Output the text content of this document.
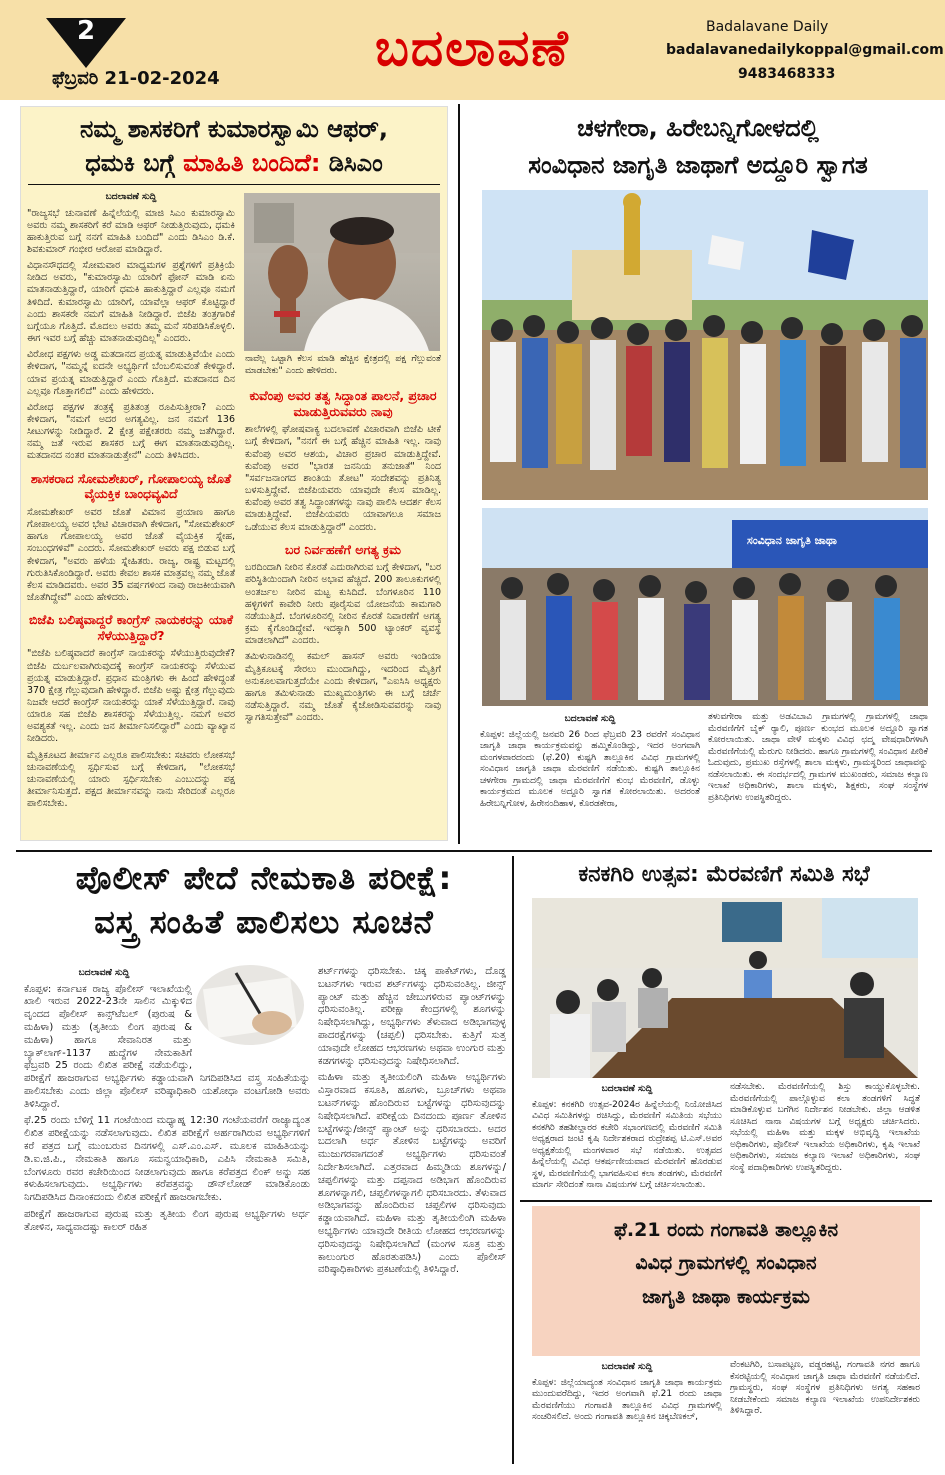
2
ಫೆಬ್ರವರಿ 21-02-2024
ಬದಲಾವಣೆ	Badalavane Daily
badalavanedailykoppal@gmail.com
9483468333
ನಮ್ಮ ಶಾಸಕರಿಗೆ ಕುಮಾರಸ್ವಾಮಿ ಆಫರ್,
ಧಮಕಿ ಬಗ್ಗೆ ಮಾಹಿತಿ ಬಂದಿದೆ: ಡಿಸಿಎಂ
ಬದಲಾವಣೆ ಸುದ್ದಿ

"ರಾಜ್ಯಸಭೆ ಚುನಾವಣೆ ಹಿನ್ನೆಲೆಯಲ್ಲಿ ಮಾಜಿ ಸಿಎಂ ಕುಮಾರಸ್ವಾಮಿ ಅವರು ನಮ್ಮ ಶಾಸಕರಿಗೆ ಕರೆ ಮಾಡಿ ಆಫರ್ ನೀಡುತ್ತಿರುವುದು, ಧಮಕಿ ಹಾಕುತ್ತಿರುವ ಬಗ್ಗೆ ನನಗೆ ಮಾಹಿತಿ ಬಂದಿದೆ" ಎಂದು ಡಿಸಿಎಂ ಡಿ.ಕೆ. ಶಿವಕುಮಾರ್ ಗಂಭೀರ ಆರೋಪ ಮಾಡಿದ್ದಾರೆ.

ವಿಧಾನಸೌಧದಲ್ಲಿ ಸೋಮವಾರ ಮಾಧ್ಯಮಗಳ ಪ್ರಶ್ನೆಗಳಿಗೆ ಪ್ರತಿಕ್ರಿಯೆ ನೀಡಿದ ಅವರು, "ಕುಮಾರಸ್ವಾಮಿ ಯಾರಿಗೆ ಫೋನ್ ಮಾಡಿ ಏನು ಮಾತನಾಡುತ್ತಿದ್ದಾರೆ, ಯಾರಿಗೆ ಧಮಕಿ ಹಾಕುತ್ತಿದ್ದಾರೆ ಎಲ್ಲವೂ ನಮಗೆ ತಿಳಿದಿದೆ. ಕುಮಾರಸ್ವಾಮಿ ಯಾರಿಗೆ, ಯಾವೆಲ್ಲಾ ಆಫರ್ ಕೊಟ್ಟಿದ್ದಾರೆ ಎಂದು ಶಾಸಕರೇ ನಮಗೆ ಮಾಹಿತಿ ನೀಡಿದ್ದಾರೆ. ಬಿಜೆಪಿ ತಂತ್ರಗಾರಿಕೆ ಬಗ್ಗೆಯೂ ಗೊತ್ತಿದೆ. ಮೊದಲು ಅವರು ತಮ್ಮ ಮನೆ ಸರಿಪಡಿಸಿಕೊಳ್ಳಲಿ. ಈಗ ಇವರ ಬಗ್ಗೆ ಹೆಚ್ಚು ಮಾತನಾಡುವುದಿಲ್ಲ" ಎಂದರು.

ವಿರೋಧ ಪಕ್ಷಗಳು ಅಡ್ಡ ಮತದಾನದ ಪ್ರಯತ್ನ ಮಾಡುತ್ತಿವೆಯೇ ಎಂದು ಕೇಳಿದಾಗ, "ನಮ್ಮನ್ನೆ ಐದನೇ ಅಭ್ಯರ್ಥಿಗೆ ಬೆಂಬಲಿಸುವಂತೆ ಕೇಳಿದ್ದಾರೆ. ಯಾವ ಪ್ರಯತ್ನ ಮಾಡುತ್ತಿದ್ದಾರೆ ಎಂದು ಗೊತ್ತಿದೆ. ಮತದಾನದ ದಿನ ಎಲ್ಲವೂ ಗೊತ್ತಾಗಲಿದೆ" ಎಂದು ಹೇಳಿದರು.

ವಿರೋಧ ಪಕ್ಷಗಳ ತಂತ್ರಕ್ಕೆ ಪ್ರತಿತಂತ್ರ ರೂಪಿಸುತ್ತೀರಾ? ಎಂದು ಕೇಳಿದಾಗ, "ನಮಗೆ ಅದರ ಅಗತ್ಯವಿಲ್ಲ. ಜನ ನಮಗೆ 136 ಸೀಟುಗಳನ್ನು ನೀಡಿದ್ದಾರೆ. 2 ಕ್ಷೇತ್ರ ಪಕ್ಷೇತರರು ನಮ್ಮ ಜತೆಗಿದ್ದಾರೆ. ನಮ್ಮ ಜತೆ ಇರುವ ಶಾಸಕರ ಬಗ್ಗೆ ಈಗ ಮಾತನಾಡುವುದಿಲ್ಲ. ಮತದಾನದ ನಂತರ ಮಾತನಾಡುತ್ತೇನೆ" ಎಂದು ತಿಳಿಸಿದರು.

ಶಾಸಕರಾದ ಸೋಮಶೇಖರ್, ಗೋಪಾಲಯ್ಯ ಜೊತೆ ವೈಯಕ್ತಿಕ ಬಾಂಧವ್ಯವಿದೆ

ಸೋಮಶೇಖರ್ ಅವರ ಜೊತೆ ವಿಮಾನ ಪ್ರಯಾಣ ಹಾಗೂ ಗೋಪಾಲಯ್ಯ ಅವರ ಭೇಟಿ ವಿಚಾರವಾಗಿ ಕೇಳಿದಾಗ, "ಸೋಮಶೇಖರ್ ಹಾಗೂ ಗೋಪಾಲಯ್ಯ ಅವರ ಜೊತೆ ವೈಯಕ್ತಿಕ ಸ್ನೇಹ, ಸಂಬಂಧಗಳಿವೆ" ಎಂದರು. ಸೋಮಶೇಖರ್ ಅವರು ಪಕ್ಷ ಬಿಡುವ ಬಗ್ಗೆ ಕೇಳಿದಾಗ, "ಅವರು ಹಳೆಯ ಸ್ನೇಹಿತರು. ರಾಜ್ಯ, ರಾಷ್ಟ್ರ ಮಟ್ಟದಲ್ಲಿ ಗುರುತಿಸಿಕೊಂಡಿದ್ದಾರೆ. ಅವರು ಕೇವಲ ಶಾಸಕ ಮಾತ್ರವಲ್ಲ ನಮ್ಮ ಜೊತೆ ಕೆಲಸ ಮಾಡಿದವರು. ಅವರ 35 ವರ್ಷಗಳಿಂದ ನಾವು ರಾಜಕೀಯವಾಗಿ ಜೊತೆಗಿದ್ದೇವೆ" ಎಂದು ಹೇಳಿದರು.

ಬಿಜೆಪಿ ಬಲಿಷ್ಠವಾದ್ದರೆ ಕಾಂಗ್ರೆಸ್ ನಾಯಕರನ್ನು ಯಾಕೆ ಸೆಳೆಯುತ್ತಿದ್ದಾರೆ?

"ಬಿಜೆಪಿ ಬಲಿಷ್ಠವಾದರೆ ಕಾಂಗ್ರೆಸ್ ನಾಯಕರನ್ನು ಸೆಳೆಯುತ್ತಿರುವುದೇಕೆ? ಬಿಜೆಪಿ ದುರ್ಬಲವಾಗಿರುವುದಕ್ಕೆ ಕಾಂಗ್ರೆಸ್ ನಾಯಕರನ್ನು ಸೆಳೆಯುವ ಪ್ರಯತ್ನ ಮಾಡುತ್ತಿದ್ದಾರೆ. ಪ್ರಧಾನ ಮಂತ್ರಿಗಳು ಈ ಹಿಂದೆ ಹೇಳಿದ್ದಂತೆ 370 ಕ್ಷೇತ್ರ ಗೆಲ್ಲುವುದಾಗಿ ಹೇಳಿದ್ದಾರೆ. ಬಿಜೆಪಿ ಅಷ್ಟು ಕ್ಷೇತ್ರ ಗೆಲ್ಲುವುದು ನಿಜವೇ ಆದರೆ ಕಾಂಗ್ರೆಸ್ ನಾಯಕರನ್ನು ಯಾಕೆ ಸೆಳೆಯುತ್ತಿದ್ದಾರೆ. ನಾವು ಯಾರೂ ಸಹ ಬಿಜೆಪಿ ಶಾಸಕರನ್ನು ಸೆಳೆಯುತ್ತಿಲ್ಲ. ನಮಗೆ ಅವರ ಅವಶ್ಯಕತೆ ಇಲ್ಲ. ಎಂದು ಜನ ತೀರ್ಮಾನಿಸಲಿದ್ದಾರೆ" ಎಂದು ವ್ಯಾಖ್ಯಾನ ನೀಡಿದರು.

ಮೈತ್ರಿಕೂಟದ ತೀರ್ಮಾನ ಎಲ್ಲರೂ ಪಾಲಿಸಬೇಕು: ಸಚಿವರು ಲೋಕಸಭೆ ಚುನಾವಣೆಯಲ್ಲಿ ಸ್ಪರ್ಧಿಸುವ ಬಗ್ಗೆ ಕೇಳಿದಾಗ, "ಲೋಕಸಭೆ ಚುನಾವಣೆಯಲ್ಲಿ ಯಾರು ಸ್ಪರ್ಧಿಸಬೇಕು ಎಂಬುದನ್ನು ಪಕ್ಷ ತೀರ್ಮಾನಿಸುತ್ತದೆ. ಪಕ್ಷದ ತೀರ್ಮಾನವನ್ನು ನಾನು ಸೇರಿದಂತೆ ಎಲ್ಲರೂ ಪಾಲಿಸಬೇಕು.

ನಾವೆಲ್ಲ ಒಟ್ಟಾಗಿ ಕೆಲಸ ಮಾಡಿ ಹೆಚ್ಚಿನ ಕ್ಷೇತ್ರದಲ್ಲಿ ಪಕ್ಷ ಗೆಲ್ಲುವಂತೆ ಮಾಡಬೇಕು" ಎಂದು ಹೇಳಿದರು.
ಕುವೆಂಪು ಅವರ ತತ್ವ ಸಿದ್ಧಾಂತ ಪಾಲನೆ, ಪ್ರಚಾರ ಮಾಡುತ್ತಿರುವವರು ನಾವು

ಶಾಲೆಗಳಲ್ಲಿ ಘೋಷವಾಕ್ಯ ಬದಲಾವಣೆ ವಿಚಾರವಾಗಿ ಬಿಜೆಪಿ ಟೀಕೆ ಬಗ್ಗೆ ಕೇಳಿದಾಗ, "ನನಗೆ ಈ ಬಗ್ಗೆ ಹೆಚ್ಚಿನ ಮಾಹಿತಿ ಇಲ್ಲ. ನಾವು ಕುವೆಂಪು ಅವರ ಆಶಯ, ವಿಚಾರ ಪ್ರಚಾರ ಮಾಡುತ್ತಿದ್ದೇವೆ. ಕುವೆಂಪು ಅವರ "ಭಾರತ ಜನನಿಯ ತನುಜಾತೆ" ನಿಂದ "ಸರ್ವಜನಾಂಗದ ಶಾಂತಿಯ ತೋಟ" ಸಂದೇಶವನ್ನು ಪ್ರತಿನಿತ್ಯ ಬಳಸುತ್ತಿದ್ದೇವೆ. ಬಿಜೆಪಿಯವರು ಯಾವುದೇ ಕೆಲಸ ಮಾಡಿಲ್ಲ. ಕುವೆಂಪು ಅವರ ತತ್ವ ಸಿದ್ಧಾಂತಗಳನ್ನು ನಾವು ಪಾಲಿಸಿ ಆದರ್ಶ ಕೆಲಸ ಮಾಡುತ್ತಿದ್ದೇವೆ. ಬಿಜೆಪಿಯವರು ಯಾವಾಗಲೂ ಸಮಾಜ ಒಡೆಯುವ ಕೆಲಸ ಮಾಡುತ್ತಿದ್ದಾರೆ" ಎಂದರು.

ಬರ ನಿರ್ವಹಣೆಗೆ ಅಗತ್ಯ ಕ್ರಮ

ಬರದಿಂದಾಗಿ ನೀರಿನ ಕೊರತೆ ಎದುರಾಗಿರುವ ಬಗ್ಗೆ ಕೇಳಿದಾಗ, "ಬರ ಪರಿಸ್ಥಿತಿಯಿಂದಾಗಿ ನೀರಿನ ಅಭಾವ ಹೆಚ್ಚಿದೆ. 200 ತಾಲೂಕುಗಳಲ್ಲಿ ಅಂತರ್ಜಲ ನೀರಿನ ಮಟ್ಟ ಕುಸಿದಿದೆ. ಬೆಂಗಳೂರಿನ 110 ಹಳ್ಳಿಗಳಿಗೆ ಕಾವೇರಿ ನೀರು ಪೂರೈಸುವ ಯೋಜನೆಯ ಕಾಮಗಾರಿ ನಡೆಯುತ್ತಿದೆ. ಬೆಂಗಳೂರಿನಲ್ಲಿ ನೀರಿನ ಕೊರತೆ ನಿವಾರಣೆಗೆ ಅಗತ್ಯ ಕ್ರಮ ಕೈಗೊಂಡಿದ್ದೇವೆ. ಇದಕ್ಕಾಗಿ 500 ಟ್ಯಾಂಕರ್ ವ್ಯವಸ್ಥೆ ಮಾಡಲಾಗಿದೆ" ಎಂದರು.

ತಮಿಳುನಾಡಿನಲ್ಲಿ ಕಮಲ್ ಹಾಸನ್ ಅವರು ಇಂಡಿಯಾ ಮೈತ್ರಿಕೂಟಕ್ಕೆ ಸೇರಲು ಮುಂದಾಗಿದ್ದು, ಇದರಿಂದ ಮೈತ್ರಿಗೆ ಅನುಕೂಲವಾಗುತ್ತದೆಯೇ ಎಂದು ಕೇಳಿದಾಗ, "ಎಐಸಿಸಿ ಅಧ್ಯಕ್ಷರು ಹಾಗೂ ತಮಿಳುನಾಡು ಮುಖ್ಯಮಂತ್ರಿಗಳು ಈ ಬಗ್ಗೆ ಚರ್ಚೆ ನಡೆಸುತ್ತಿದ್ದಾರೆ. ನಮ್ಮ ಜೊತೆ ಕೈಜೋಡಿಸುವವರನ್ನು ನಾವು ಸ್ವಾಗತಿಸುತ್ತೇವೆ" ಎಂದರು.

ಚಳಗೇರಾ, ಹಿರೇಬನ್ನಿಗೋಳದಲ್ಲಿ
ಸಂವಿಧಾನ ಜಾಗೃತಿ ಜಾಥಾಗೆ ಅದ್ದೂರಿ ಸ್ವಾಗತ
ಸಂವಿಧಾನ ಜಾಗೃತಿ ಜಾಥಾ
ಬದಲಾವಣೆ ಸುದ್ದಿ

ಕೊಪ್ಪಳ: ಜಿಲ್ಲೆಯಲ್ಲಿ ಜನವರಿ 26 ರಿಂದ ಫೆಬ್ರವರಿ 23 ರವರೆಗೆ ಸಂವಿಧಾನ ಜಾಗೃತಿ ಜಾಥಾ ಕಾರ್ಯಕ್ರಮವನ್ನು ಹಮ್ಮಿಕೊಂಡಿದ್ದು, ಇದರ ಅಂಗವಾಗಿ ಮಂಗಳವಾರದಂದು (ಫೆ.20) ಕುಷ್ಟಗಿ ತಾಲ್ಲೂಕಿನ ವಿವಿಧ ಗ್ರಾಮಗಳಲ್ಲಿ ಸಂವಿಧಾನ ಜಾಗೃತಿ ಜಾಥಾ ಮೆರವಣಿಗೆ ನಡೆಯಿತು. ಕುಷ್ಟಗಿ ತಾಲ್ಲೂಕಿನ ಚಳಗೇರಾ ಗ್ರಾಮದಲ್ಲಿ ಜಾಥಾ ಮೆರವಣಿಗೆಗೆ ಕುಂಭ ಮೆರವಣಿಗೆ, ಡೊಳ್ಳು ಕಾರ್ಯಕ್ರಮದ ಮೂಲಕ ಅದ್ದೂರಿ ಸ್ವಾಗತ ಕೋರಲಾಯಿತು. ಅದರಂತೆ ಹಿರೇಬನ್ನಿಗೋಳ, ಹಿರೇನಂದಿಹಾಳ, ಕೊರಡಕೇರಾ,

ತಳುವಗೇರಾ ಮತ್ತು ಅಡವಿಬಾವಿ ಗ್ರಾಮಗಳಲ್ಲಿ ಗ್ರಾಮಗಳಲ್ಲಿ ಜಾಥಾ ಮೆರವಣಿಗೆಗೆ ಬೈಕ್ ರ‍್ಯಾಲಿ, ಪೂರ್ಣ ಕುಂಭದ ಮೂಲಕ ಅದ್ದೂರಿ ಸ್ವಾಗತ ಕೋರಲಾಯಿತು. ಜಾಥಾ ವೇಳೆ ಮಕ್ಕಳು ವಿವಿಧ ಛದ್ಮ ವೇಷಧಾರಿಗಳಾಗಿ ಮೆರವಣಿಗೆಯಲ್ಲಿ ಮೆರುಗು ನೀಡಿದರು. ಹಾಗೂ ಗ್ರಾಮಗಳಲ್ಲಿ ಸಂವಿಧಾನ ಪೀಠಿಕೆ ಓದುವುದು, ಪ್ರಮುಖ ರಸ್ತೆಗಳಲ್ಲಿ ಶಾಲಾ ಮಕ್ಕಳು, ಗ್ರಾಮಸ್ಥರಿಂದ ಜಾಥಾವನ್ನು ನಡೆಸಲಾಯಿತು. ಈ ಸಂದರ್ಭದಲ್ಲಿ ಗ್ರಾಮಗಳ ಮುಖಂಡರು, ಸಮಾಜ ಕಲ್ಯಾಣ ಇಲಾಖೆ ಅಧಿಕಾರಿಗಳು, ಶಾಲಾ ಮಕ್ಕಳು, ಶಿಕ್ಷಕರು, ಸಂಘ ಸಂಸ್ಥೆಗಳ ಪ್ರತಿನಿಧಿಗಳು ಉಪಸ್ಥಿತರಿದ್ದರು.

ಪೊಲೀಸ್ ಪೇದೆ ನೇಮಕಾತಿ ಪರೀಕ್ಷೆ:
ವಸ್ತ್ರ ಸಂಹಿತೆ ಪಾಲಿಸಲು ಸೂಚನೆ
ಬದಲಾವಣೆ ಸುದ್ದಿ

ಕೊಪ್ಪಳ: ಕರ್ನಾಟಕ ರಾಜ್ಯ ಪೊಲೀಸ್ ಇಲಾಖೆಯಲ್ಲಿ ಖಾಲಿ ಇರುವ 2022-23ನೇ ಸಾಲಿನ ಮಿಕ್ಕುಳಿದ ವೃಂದದ ಪೊಲೀಸ್ ಕಾನ್ಸ್‌ಟೆಬಲ್ (ಪುರುಷ & ಮಹಿಳಾ) ಮತ್ತು (ತೃತೀಯ ಲಿಂಗ ಪುರುಷ & ಮಹಿಳಾ) ಹಾಗೂ ಸೇವಾನಿರತ ಮತ್ತು ಬ್ಯಾಕ್‌ಲಾಗ್-1137 ಹುದ್ದೆಗಳ ನೇಮಕಾತಿಗೆ ಫೆಬ್ರವರಿ 25 ರಂದು ಲಿಖಿತ ಪರೀಕ್ಷೆ ನಡೆಯಲಿದ್ದು, ಪರೀಕ್ಷೆಗೆ ಹಾಜರಾಗುವ ಅಭ್ಯರ್ಥಿಗಳು ಕಡ್ಡಾಯವಾಗಿ ನಿಗದಿಪಡಿಸಿದ ವಸ್ತ್ರ ಸಂಹಿತೆಯನ್ನು ಪಾಲಿಸಬೇಕು ಎಂದು ಜಿಲ್ಲಾ ಪೊಲೀಸ್ ವರಿಷ್ಠಾಧಿಕಾರಿ ಯಶೋಧಾ ವಂಟಗೋಡಿ ಅವರು ತಿಳಿಸಿದ್ದಾರೆ.

ಫೆ.25 ರಂದು ಬೆಳಿಗ್ಗೆ 11 ಗಂಟೆಯಿಂದ ಮಧ್ಯಾಹ್ನ 12:30 ಗಂಟೆಯವರೆಗೆ ರಾಜ್ಯಾದ್ಯಂತ ಲಿಖಿತ ಪರೀಕ್ಷೆಯನ್ನು ನಡೆಸಲಾಗುವುದು. ಲಿಖಿತ ಪರೀಕ್ಷೆಗೆ ಅರ್ಹರಾಗಿರುವ ಅಭ್ಯರ್ಥಿಗಳಿಗೆ ಕರೆ ಪತ್ರದ ಬಗ್ಗೆ ಮುಂಬರುವ ದಿನಗಳಲ್ಲಿ ಎಸ್.ಎಂ.ಎಸ್. ಮೂಲಕ ಮಾಹಿತಿಯನ್ನು ಡಿ.ಐ.ಜಿ.ಪಿ., ನೇಮಕಾತಿ ಹಾಗೂ ಸಮನ್ವಯಾಧಿಕಾರಿ, ಎಪಿಸಿ ನೇಮಕಾತಿ ಸಮಿತಿ, ಬೆಂಗಳೂರು ರವರ ಕಚೇರಿಯಿಂದ ನೀಡಲಾಗುವುದು ಹಾಗೂ ಕರೆಪತ್ರದ ಲಿಂಕ್ ಅನ್ನು ಸಹ ಕಳುಹಿಸಲಾಗುವುದು. ಅಭ್ಯರ್ಥಿಗಳು ಕರೆಪತ್ರವನ್ನು ಡೌನ್‌ಲೋಡ್ ಮಾಡಿಕೊಂಡು ನಿಗದಿಪಡಿಸಿದ ದಿನಾಂಕದಂದು ಲಿಖಿತ ಪರೀಕ್ಷೆಗೆ ಹಾಜರಾಗಬೇಕು.

ಪರೀಕ್ಷೆಗೆ ಹಾಜರಾಗುವ ಪುರುಷ ಮತ್ತು ತೃತೀಯ ಲಿಂಗ ಪುರುಷ ಅಭ್ಯರ್ಥಿಗಳು ಅರ್ಧ ತೋಳಿನ, ಸಾಧ್ಯವಾದಷ್ಟು ಕಾಲರ್ ರಹಿತ

ಶರ್ಟ್‌ಗಳನ್ನು ಧರಿಸಬೇಕು. ಚಿಕ್ಕ ಪಾಕೆಟ್‌ಗಳು, ದೊಡ್ಡ ಬಟನ್‌ಗಳು ಇರುವ ಶರ್ಟ್‌ಗಳನ್ನು ಧರಿಸುವಂತಿಲ್ಲ. ಜೀನ್ಸ್ ಪ್ಯಾಂಟ್ ಮತ್ತು ಹೆಚ್ಚಿನ ಜೇಬುಗಳಿರುವ ಪ್ಯಾಂಟ್‌ಗಳನ್ನು ಧರಿಸುವಂತಿಲ್ಲ. ಪರೀಕ್ಷಾ ಕೇಂದ್ರಗಳಲ್ಲಿ ಶೂಗಳನ್ನು ನಿಷೇಧಿಸಲಾಗಿದ್ದು, ಅಭ್ಯರ್ಥಿಗಳು ತೆಳುವಾದ ಅಡಿಭಾಗವುಳ್ಳ ಪಾದರಕ್ಷೆಗಳನ್ನು (ಚಪ್ಪಲಿ) ಧರಿಸಬೇಕು. ಕುತ್ತಿಗೆ ಸುತ್ತ ಯಾವುದೇ ಲೋಹದ ಆಭರಣಗಳು ಅಥವಾ ಉಂಗುರ ಮತ್ತು ಕಡಗಗಳನ್ನು ಧರಿಸುವುದನ್ನು ನಿಷೇಧಿಸಲಾಗಿದೆ.

ಮಹಿಳಾ ಮತ್ತು ತೃತೀಯಲಿಂಗಿ ಮಹಿಳಾ ಅಭ್ಯರ್ಥಿಗಳು ವಿಸ್ತಾರವಾದ ಕಸೂತಿ, ಹೂಗಳು, ಬ್ರೂಚ್‌ಗಳು ಅಥವಾ ಬಟನ್‌ಗಳನ್ನು ಹೊಂದಿರುವ ಬಟ್ಟೆಗಳನ್ನು ಧರಿಸುವುದನ್ನು ನಿಷೇಧಿಸಲಾಗಿದೆ. ಪರೀಕ್ಷೆಯ ದಿನದಂದು ಪೂರ್ಣ ತೋಳಿನ ಬಟ್ಟೆಗಳನ್ನು/ಜೀನ್ಸ್ ಪ್ಯಾಂಟ್ ಅನ್ನು ಧರಿಸಬಾರದು. ಅದರ ಬದಲಾಗಿ ಅರ್ಧ ತೋಳಿನ ಬಟ್ಟೆಗಳನ್ನು ಅವರಿಗೆ ಮುಜುಗರವಾಗದಂತೆ ಅಭ್ಯರ್ಥಿಗಳು ಧರಿಸುವಂತೆ ನಿರ್ದೇಶಿಸಲಾಗಿದೆ. ಎತ್ತರವಾದ ಹಿಮ್ಮಡಿಯ ಶೂಗಳನ್ನು/ಚಪ್ಪಲಿಗಳನ್ನು ಮತ್ತು ದಪ್ಪನಾದ ಅಡಿಭಾಗ ಹೊಂದಿರುವ ಶೂಗಳನ್ನಾಗಲಿ, ಚಪ್ಪಲಿಗಳನ್ನಾಗಲಿ ಧರಿಸಬಾರದು. ತೆಳುವಾದ ಅಡಿಭಾಗವನ್ನು ಹೊಂದಿರುವ ಚಪ್ಪಲಿಗಳ ಧರಿಸುವುದು ಕಡ್ಡಾಯವಾಗಿದೆ. ಮಹಿಳಾ ಮತ್ತು ತೃತೀಯಲಿಂಗಿ ಮಹಿಳಾ ಅಭ್ಯರ್ಥಿಗಳು ಯಾವುದೇ ರೀತಿಯ ಲೋಹದ ಆಭರಣಗಳನ್ನು ಧರಿಸುವುದನ್ನು ನಿಷೇಧಿಸಲಾಗಿದೆ (ಮಂಗಳ ಸೂತ್ರ ಮತ್ತು ಕಾಲುಂಗುರ ಹೊರತುಪಡಿಸಿ) ಎಂದು ಪೊಲೀಸ್ ವರಿಷ್ಠಾಧಿಕಾರಿಗಳು ಪ್ರಕಟಣೆಯಲ್ಲಿ ತಿಳಿಸಿದ್ದಾರೆ.

ಕನಕಗಿರಿ ಉತ್ಸವ: ಮೆರವಣಿಗೆ ಸಮಿತಿ ಸಭೆ
ಬದಲಾವಣೆ ಸುದ್ದಿ

ಕೊಪ್ಪಳ: ಕನಕಗಿರಿ ಉತ್ಸವ-2024ರ ಹಿನ್ನೆಲೆಯಲ್ಲಿ ನಿಯೋಜಿಸಿದ ವಿವಿಧ ಸಮಿತಿಗಳನ್ನು ರಚಿಸಿದ್ದು, ಮೆರವಣಿಗೆ ಸಮಿತಿಯ ಸಭೆಯು ಕನಕಗಿರಿ ತಹಶೀಲ್ದಾರರ ಕಚೇರಿ ಸಭಾಂಗಣದಲ್ಲಿ ಮೆರವಣಿಗೆ ಸಮಿತಿ ಅಧ್ಯಕ್ಷರಾದ ಜಂಟಿ ಕೃಷಿ ನಿರ್ದೇಶಕರಾದ ರುದ್ರೇಶಪ್ಪ ಟಿ.ಎಸ್.ಅವರ ಅಧ್ಯಕ್ಷತೆಯಲ್ಲಿ ಮಂಗಳವಾರ ಸಭೆ ನಡೆಯಿತು. ಉತ್ಸವದ ಹಿನ್ನೆಲೆಯಲ್ಲಿ ವಿವಿಧ ಆಕರ್ಷಣೀಯವಾದ ಮೆರವಣಿಗೆ ಹೊರಡುವ ಸ್ಥಳ, ಮೆರವಣಿಗೆಯಲ್ಲಿ ಭಾಗವಹಿಸುವ ಕಲಾ ತಂಡಗಳು, ಮೆರವಣಿಗೆ ಮಾರ್ಗ ಸೇರಿದಂತೆ ನಾನಾ ವಿಷಯಗಳ ಬಗ್ಗೆ ಚರ್ಚಿಸಲಾಯಿತು.

ನಡೆಸಬೇಕು. ಮೆರವಣಿಗೆಯಲ್ಲಿ ಶಿಸ್ತು ಕಾಯ್ದುಕೊಳ್ಳಬೇಕು. ಮೆರವಣಿಗೆಯಲ್ಲಿ ಪಾಲ್ಗೊಳ್ಳುವ ಕಲಾ ತಂಡಗಳಿಗೆ ಸಿದ್ಧತೆ ಮಾಡಿಕೊಳ್ಳುವ ಬಗೆಗಿನ ನಿರ್ದೇಶನ ನೀಡಬೇಕು. ಜಿಲ್ಲಾ ಆಡಳಿತ ಸೂಚಿಸಿದ ನಾನಾ ವಿಷಯಗಳ ಬಗ್ಗೆ ಅಧ್ಯಕ್ಷರು ಚರ್ಚಿಸಿದರು. ಸಭೆಯಲ್ಲಿ ಮಹಿಳಾ ಮತ್ತು ಮಕ್ಕಳ ಅಭಿವೃದ್ಧಿ ಇಲಾಖೆಯ ಅಧಿಕಾರಿಗಳು, ಪೊಲೀಸ್ ಇಲಾಖೆಯ ಅಧಿಕಾರಿಗಳು, ಕೃಷಿ ಇಲಾಖೆ ಅಧಿಕಾರಿಗಳು, ಸಮಾಜ ಕಲ್ಯಾಣ ಇಲಾಖೆ ಅಧಿಕಾರಿಗಳು, ಸಂಘ ಸಂಸ್ಥೆ ಪದಾಧಿಕಾರಿಗಳು ಉಪಸ್ಥಿತರಿದ್ದರು.

ಫೆ.21 ರಂದು ಗಂಗಾವತಿ ತಾಲ್ಲೂಕಿನ
ವಿವಿಧ ಗ್ರಾಮಗಳಲ್ಲಿ ಸಂವಿಧಾನ
ಜಾಗೃತಿ ಜಾಥಾ ಕಾರ್ಯಕ್ರಮ
ಬದಲಾವಣೆ ಸುದ್ದಿ

ಕೊಪ್ಪಳ: ಜಿಲ್ಲೆಯಾದ್ಯಂತ ಸಂವಿಧಾನ ಜಾಗೃತಿ ಜಾಥಾ ಕಾರ್ಯಕ್ರಮ ಮುಂದುವರೆದಿದ್ದು, ಇದರ ಅಂಗವಾಗಿ ಫೆ.21 ರಂದು ಜಾಥಾ ಮೆರವಣಿಗೆಯು ಗಂಗಾವತಿ ತಾಲ್ಲೂಕಿನ ವಿವಿಧ ಗ್ರಾಮಗಳಲ್ಲಿ ಸಂಚರಿಸಲಿದೆ. ಅಂದು ಗಂಗಾವತಿ ತಾಲ್ಲೂಕಿನ ಚಿಕ್ಕಬೆಣಕಲ್,

ವೆಂಕಟಗಿರಿ, ಬಸಾಪಟ್ಟಣ, ವಡ್ಡರಹಟ್ಟಿ, ಗಂಗಾವತಿ ನಗರ ಹಾಗೂ ಕೆಸರಟ್ಟಿಯಲ್ಲಿ ಸಂವಿಧಾನ ಜಾಗೃತಿ ಜಾಥಾ ಮೆರವಣಿಗೆ ನಡೆಯಲಿದೆ. ಗ್ರಾಮಸ್ಥರು, ಸಂಘ ಸಂಸ್ಥೆಗಳ ಪ್ರತಿನಿಧಿಗಳು ಅಗತ್ಯ ಸಹಕಾರ ನೀಡಬೇಕೆಂದು ಸಮಾಜ ಕಲ್ಯಾಣ ಇಲಾಖೆಯ ಉಪನಿರ್ದೇಶಕರು ತಿಳಿಸಿದ್ದಾರೆ.
